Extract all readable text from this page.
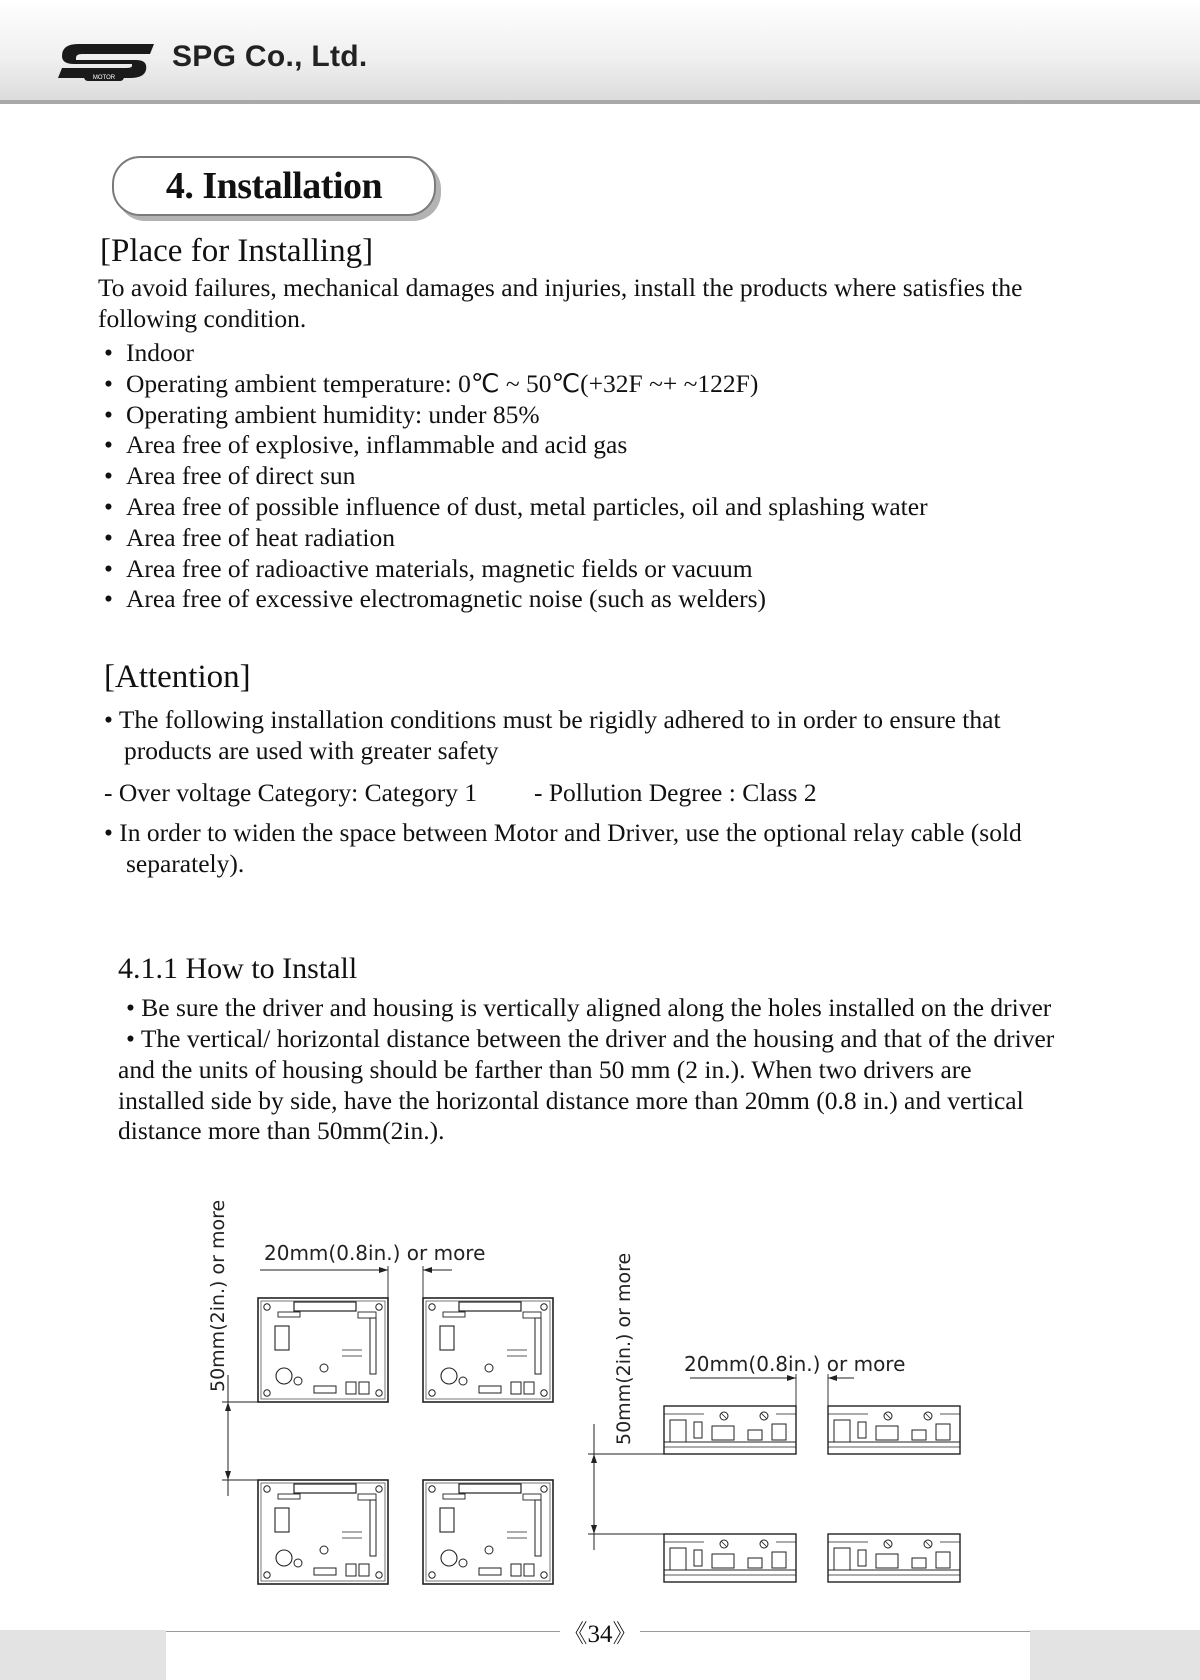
MOTOR
SPG Co., Ltd.
4. Installation
[Place for Installing]
To avoid failures, mechanical damages and injuries, install the products where satisfies the following condition.
• Indoor
• Operating ambient temperature: 0℃ ~ 50℃(+32F ~+ ~122F)
• Operating ambient humidity: under 85%
• Area free of explosive, inflammable and acid gas
• Area free of direct sun
• Area free of possible influence of dust, metal particles, oil and splashing water
• Area free of heat radiation
• Area free of radioactive materials, magnetic fields or vacuum
• Area free of excessive electromagnetic noise (such as welders)
[Attention]
• The following installation conditions must be rigidly adhered to in order to ensure that
products are used with greater safety
- Over voltage Category: Category 1 - Pollution Degree : Class 2
• In order to widen the space between Motor and Driver, use the optional relay cable (sold
separately).
4.1.1 How to Install
• Be sure the driver and housing is vertically aligned along the holes installed on the driver
• The vertical/ horizontal distance between the driver and the housing and that of the driver
and the units of housing should be farther than 50 mm (2 in.). When two drivers are
installed side by side, have the horizontal distance more than 20mm (0.8 in.) and vertical
distance more than 50mm(2in.).
50mm(2in.) or more 20mm(0.8in.) or more	50mm(2in.) or more 20mm(0.8in.) or more
《34》
